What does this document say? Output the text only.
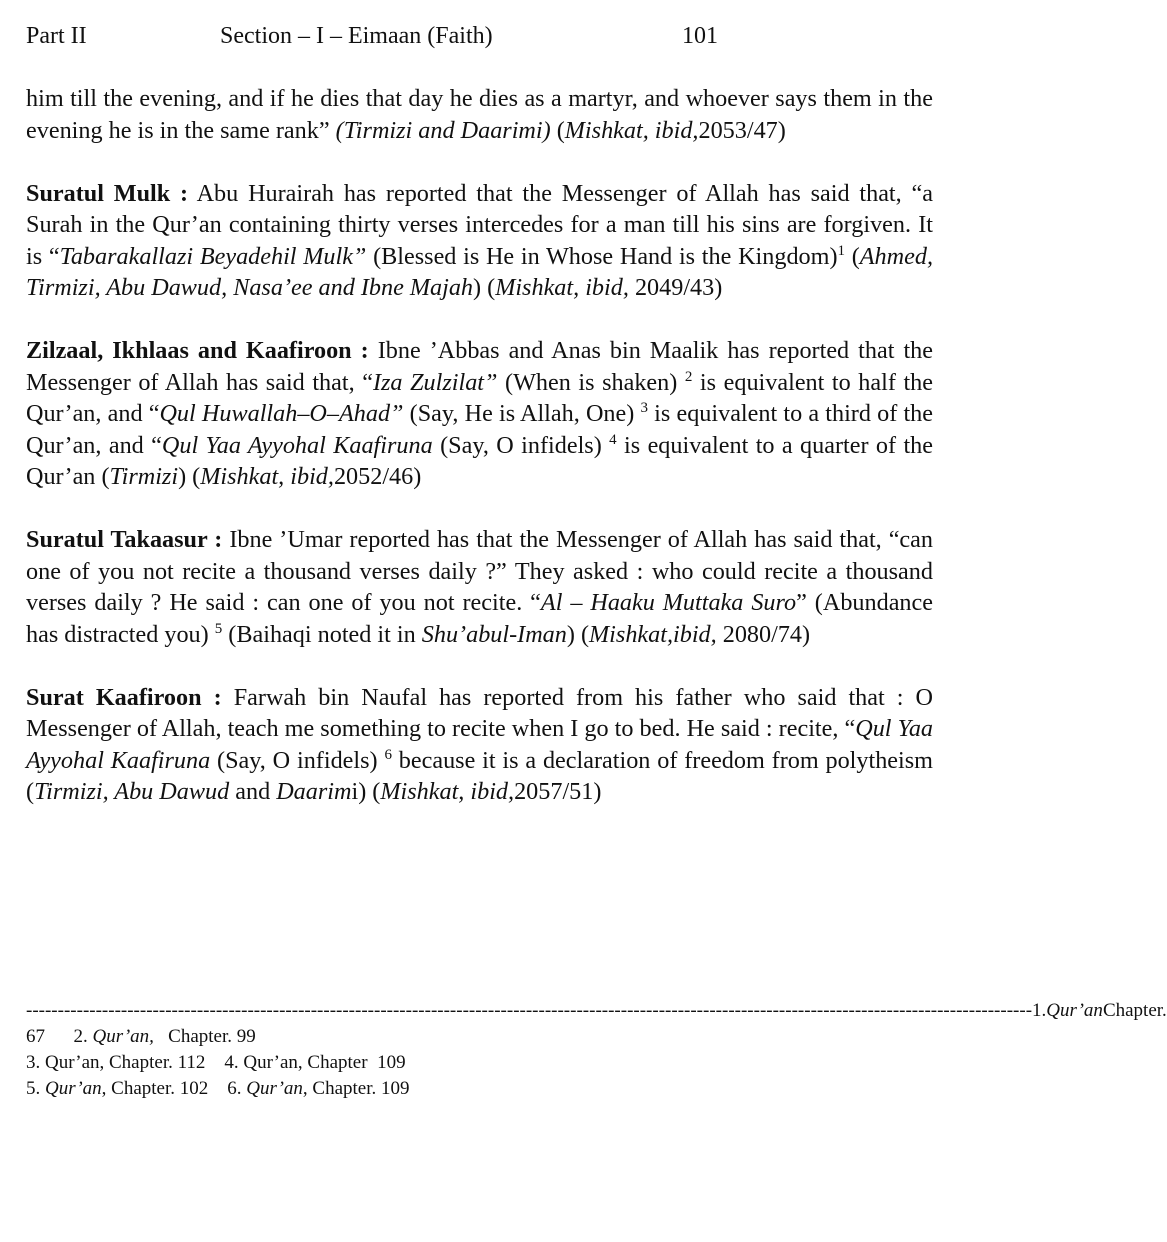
Part II	Section – I – Eimaan (Faith)	101

him till the evening, and if he dies that day he dies as a martyr, and whoever says them in the evening he is in the same rank” (Tirmizi and Daarimi) (Mishkat, ibid,2053/47)

Suratul Mulk : Abu Hurairah has reported that the Messenger of Allah has said that, “a Surah in the Qur’an containing thirty verses intercedes for a man till his sins are forgiven. It is “Tabarakallazi Beyadehil Mulk” (Blessed is He in Whose Hand is the Kingdom)$^1$ (Ahmed, Tirmizi, Abu Dawud, Nasa’ee and Ibne Majah) (Mishkat, ibid, 2049/43)

Zilzaal, Ikhlaas and Kaafiroon : Ibne ’Abbas and Anas bin Maalik has reported that the Messenger of Allah has said that, “Iza Zulzilat” (When is shaken) $^2$ is equivalent to half the Qur’an, and “Qul Huwallah–O–Ahad” (Say, He is Allah, One) $^3$ is equivalent to a third of the Qur’an, and “Qul Yaa Ayyohal Kaafiruna (Say, O infidels) $^4$ is equivalent to a quarter of the Qur’an (Tirmizi) (Mishkat, ibid,2052/46)

Suratul Takaasur : Ibne ’Umar reported has that the Messenger of Allah has said that, “can one of you not recite a thousand verses daily ?” They asked : who could recite a thousand verses daily ? He said : can one of you not recite. “Al – Haaku Muttaka Suro” (Abundance has distracted you) $^5$ (Baihaqi noted it in Shu’abul-Iman) (Mishkat,ibid, 2080/74)

Surat Kaafiroon : Farwah bin Naufal has reported from his father who said that : O Messenger of Allah, teach me something to recite when I go to bed. He said : recite, “Qul Yaa Ayyohal Kaafiruna (Say, O infidels) $^6$ because it is a declaration of freedom from polytheism (Tirmizi, Abu Dawud and Daarimi) (Mishkat, ibid,2057/51)

-------------------------------------------------------------------------------------------------------------------------------------------------------------- -1. Qur’an Chapter.
67      2. Qur’an,   Chapter. 99
3. Qur’an, Chapter. 112    4. Qur’an, Chapter  109
5. Qur’an, Chapter. 102    6. Qur’an, Chapter. 109
